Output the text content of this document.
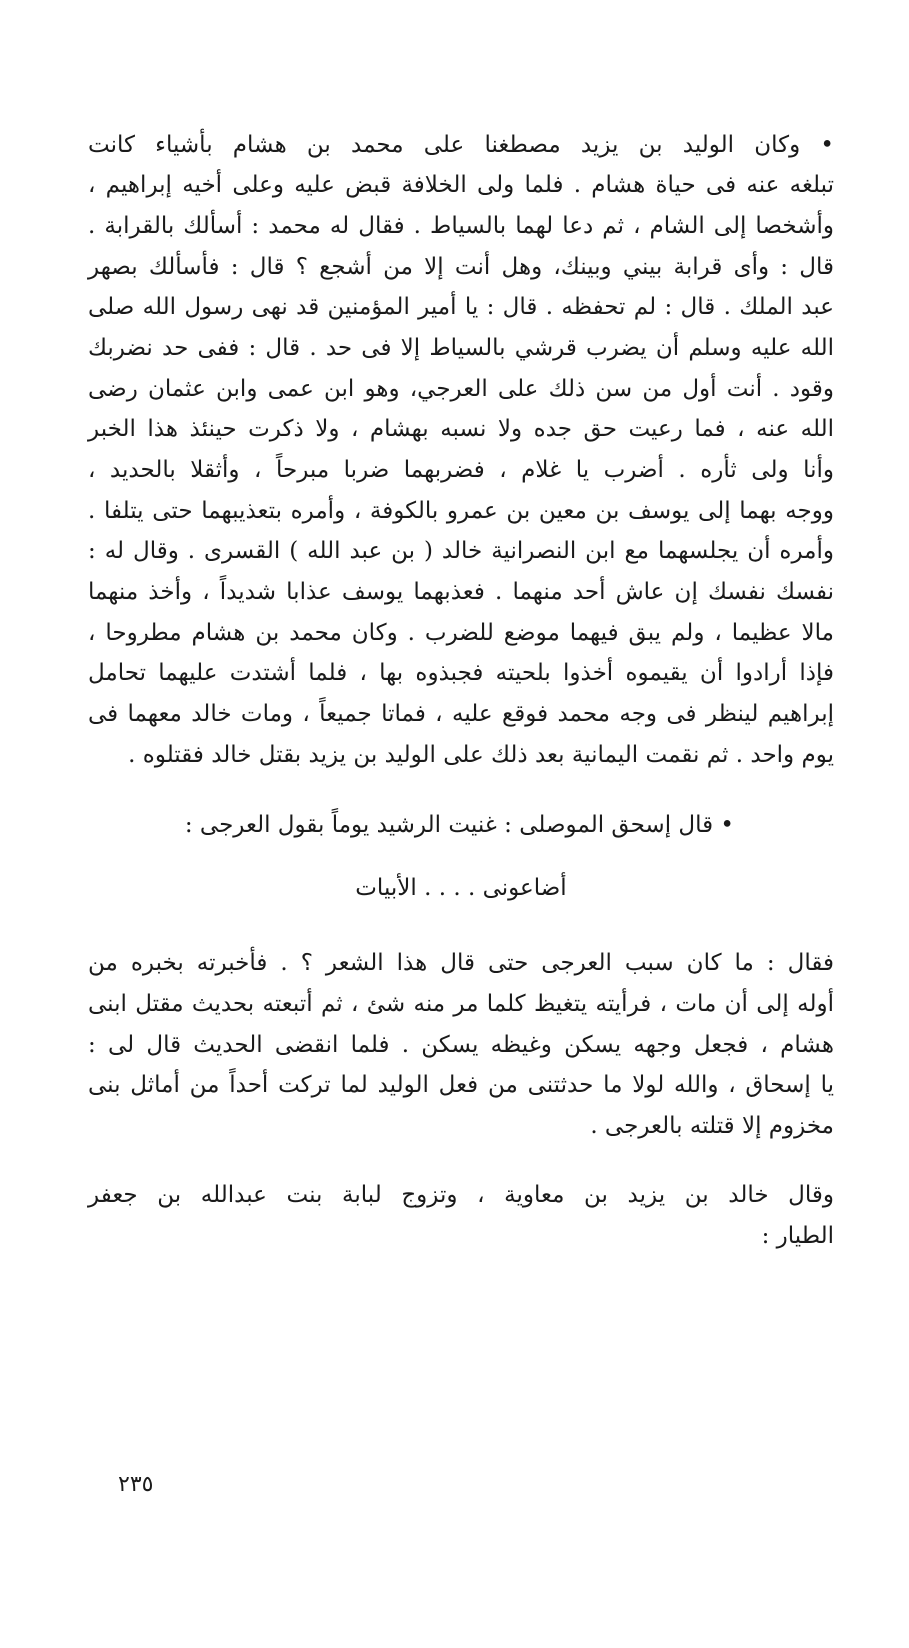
• وكان الوليد بن يزيد مصطغنا على محمد بن هشام بأشياء كانت
تبلغه عنه فى حياة هشام . فلما ولى الخلافة قبض عليه وعلى أخيه إبراهيم ،
وأشخصا إلى الشام ، ثم دعا لهما بالسياط . فقال له محمد : أسألك بالقرابة .
قال : وأى قرابة بيني وبينك، وهل أنت إلا من أشجع ؟ قال : فأسألك بصهر
عبد الملك . قال : لم تحفظه . قال : يا أمير المؤمنين قد نهى رسول الله صلى
الله عليه وسلم أن يضرب قرشي بالسياط إلا فى حد . قال : ففى حد نضربك
وقود . أنت أول من سن ذلك على العرجي، وهو ابن عمى وابن عثمان رضى
الله عنه ، فما رعيت حق جده ولا نسبه بهشام ، ولا ذكرت حينئذ هذا الخبر
وأنا ولى ثأره . أضرب يا غلام ، فضربهما ضربا مبرحاً ، وأثقلا بالحديد ،
ووجه بهما إلى يوسف بن معين بن عمرو بالكوفة ، وأمره بتعذيبهما حتى يتلفا .
وأمره أن يجلسهما مع ابن النصرانية خالد ( بن عبد الله ) القسرى . وقال له :
نفسك نفسك إن عاش أحد منهما . فعذبهما يوسف عذابا شديداً ، وأخذ منهما
مالا عظيما ، ولم يبق فيهما موضع للضرب . وكان محمد بن هشام مطروحا ،
فإذا أرادوا أن يقيموه أخذوا بلحيته فجبذوه بها ، فلما أشتدت عليهما تحامل
إبراهيم لينظر فى وجه محمد فوقع عليه ، فماتا جميعاً ، ومات خالد معهما فى
يوم واحد . ثم نقمت اليمانية بعد ذلك على الوليد بن يزيد بقتل خالد فقتلوه .
• قال إسحق الموصلى : غنيت الرشيد يوماً بقول العرجى :
أضاعونى . . . . الأبيات
فقال : ما كان سبب العرجى حتى قال هذا الشعر ؟ . فأخبرته بخبره من
أوله إلى أن مات ، فرأيته يتغيظ كلما مر منه شئ ، ثم أتبعته بحديث مقتل ابنى
هشام ، فجعل وجهه يسكن وغيظه يسكن . فلما انقضى الحديث قال لى :
يا إسحاق ، والله لولا ما حدثتنى من فعل الوليد لما تركت أحداً من أماثل بنى
مخزوم إلا قتلته بالعرجى .
وقال خالد بن يزيد بن معاوية ، وتزوج لبابة بنت عبدالله بن جعفر
الطيار :
٢٣٥
